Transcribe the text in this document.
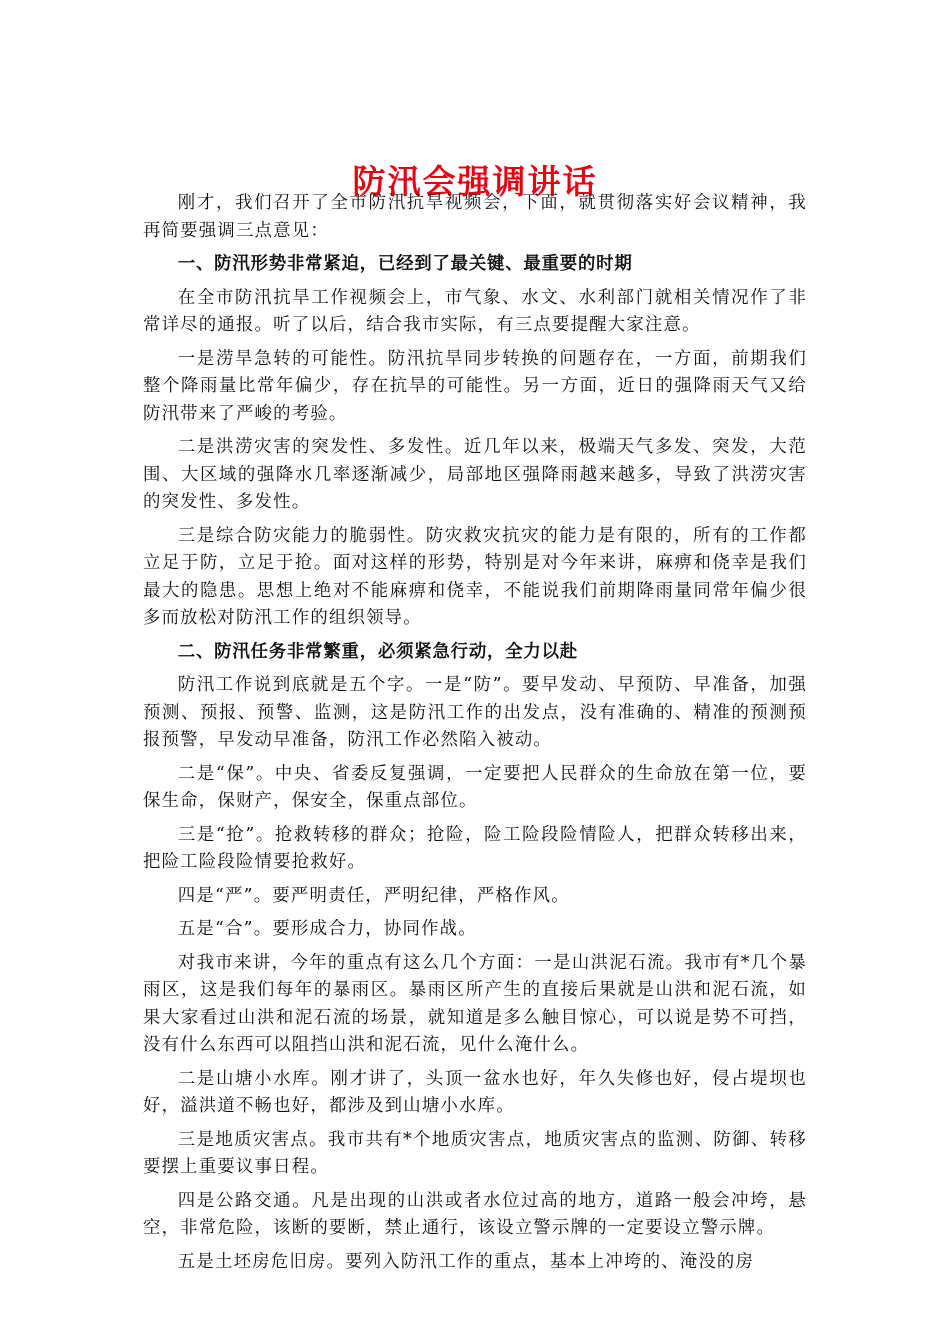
防汛会强调讲话

刚才，我们召开了全市防汛抗旱视频会，下面，就贯彻落实好会议精神，我再简要强调三点意见：

一、防汛形势非常紧迫，已经到了最关键、最重要的时期

在全市防汛抗旱工作视频会上，市气象、水文、水利部门就相关情况作了非常详尽的通报。听了以后，结合我市实际，有三点要提醒大家注意。

一是涝旱急转的可能性。防汛抗旱同步转换的问题存在，一方面，前期我们整个降雨量比常年偏少，存在抗旱的可能性。另一方面，近日的强降雨天气又给防汛带来了严峻的考验。

二是洪涝灾害的突发性、多发性。近几年以来，极端天气多发、突发，大范围、大区域的强降水几率逐渐减少，局部地区强降雨越来越多，导致了洪涝灾害的突发性、多发性。

三是综合防灾能力的脆弱性。防灾救灾抗灾的能力是有限的，所有的工作都立足于防，立足于抢。面对这样的形势，特别是对今年来讲，麻痹和侥幸是我们最大的隐患。思想上绝对不能麻痹和侥幸，不能说我们前期降雨量同常年偏少很多而放松对防汛工作的组织领导。

二、防汛任务非常繁重，必须紧急行动，全力以赴

防汛工作说到底就是五个字。一是“防”。要早发动、早预防、早准备，加强预测、预报、预警、监测，这是防汛工作的出发点，没有准确的、精准的预测预报预警，早发动早准备，防汛工作必然陷入被动。

二是“保”。中央、省委反复强调，一定要把人民群众的生命放在第一位，要保生命，保财产，保安全，保重点部位。

三是“抢”。抢救转移的群众；抢险，险工险段险情险人，把群众转移出来，把险工险段险情要抢救好。

四是“严”。要严明责任，严明纪律，严格作风。

五是“合”。要形成合力，协同作战。

对我市来讲，今年的重点有这么几个方面：一是山洪泥石流。我市有*几个暴雨区，这是我们每年的暴雨区。暴雨区所产生的直接后果就是山洪和泥石流，如果大家看过山洪和泥石流的场景，就知道是多么触目惊心，可以说是势不可挡，没有什么东西可以阻挡山洪和泥石流，见什么淹什么。

二是山塘小水库。刚才讲了，头顶一盆水也好，年久失修也好，侵占堤坝也好，溢洪道不畅也好，都涉及到山塘小水库。

三是地质灾害点。我市共有*个地质灾害点，地质灾害点的监测、防御、转移要摆上重要议事日程。

四是公路交通。凡是出现的山洪或者水位过高的地方，道路一般会冲垮，悬空，非常危险，该断的要断，禁止通行，该设立警示牌的一定要设立警示牌。

五是土坯房危旧房。要列入防汛工作的重点，基本上冲垮的、淹没的房
